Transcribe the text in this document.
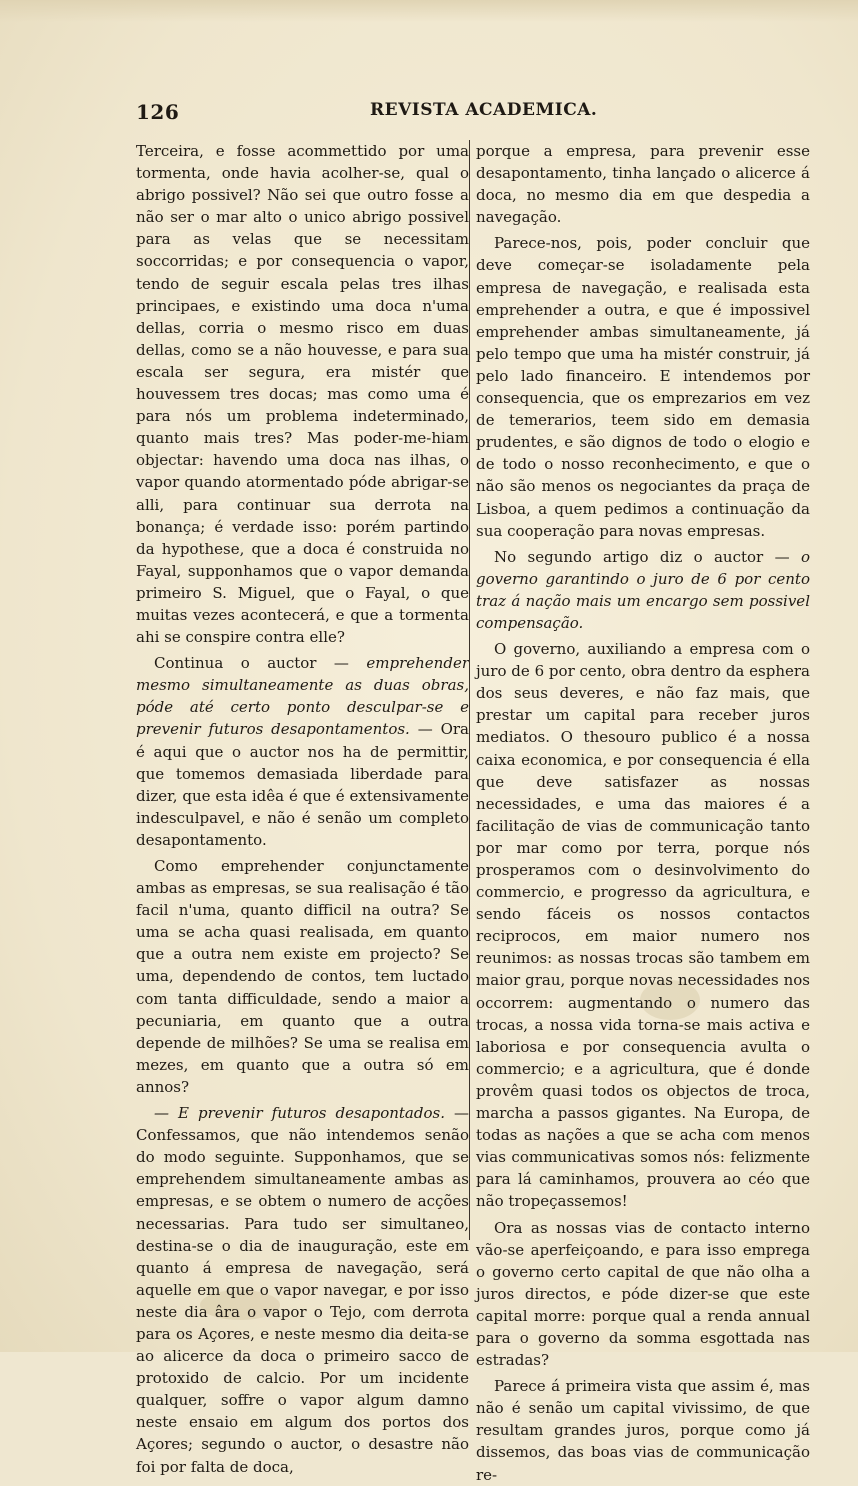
126	REVISTA ACADEMICA.

Terceira, e fosse acommettido por uma tormenta, onde havia acolher-se, qual o abrigo possivel? Não sei que outro fosse a não ser o mar alto o unico abrigo possivel para as velas que se necessitam soccorridas; e por consequencia o vapor, tendo de seguir escala pelas tres ilhas principaes, e existindo uma doca n'uma dellas, corria o mesmo risco em duas dellas, como se a não houvesse, e para sua escala ser segura, era mistér que houvessem tres docas; mas como uma é para nós um problema indeterminado, quanto mais tres? Mas poder-me-hiam objectar: havendo uma doca nas ilhas, o vapor quando atormentado póde abrigar-se alli, para continuar sua derrota na bonança; é verdade isso: porém partindo da hypothese, que a doca é construida no Fayal, supponhamos que o vapor demanda primeiro S. Miguel, que o Fayal, o que muitas vezes acontecerá, e que a tormenta ahi se conspire contra elle?

Continua o auctor — emprehender mesmo simultaneamente as duas obras, póde até certo ponto desculpar-se e prevenir futuros desapontamentos. — Ora é aqui que o auctor nos ha de permittir, que tomemos demasiada liberdade para dizer, que esta idêa é que é extensivamente indesculpavel, e não é senão um completo desapontamento.

Como emprehender conjunctamente ambas as empresas, se sua realisação é tão facil n'uma, quanto difficil na outra? Se uma se acha quasi realisada, em quanto que a outra nem existe em projecto? Se uma, dependendo de contos, tem luctado com tanta difficuldade, sendo a maior a pecuniaria, em quanto que a outra depende de milhões? Se uma se realisa em mezes, em quanto que a outra só em annos?

— E prevenir futuros desapontados. — Confessamos, que não intendemos senão do modo seguinte. Supponhamos, que se emprehendem simultaneamente ambas as empresas, e se obtem o numero de acções necessarias. Para tudo ser simultaneo, destina-se o dia de inauguração, este em quanto á empresa de navegação, será aquelle em que o vapor navegar, e por isso neste dia âra o vapor o Tejo, com derrota para os Açores, e neste mesmo dia deita-se ao alicerce da doca o primeiro sacco de protoxido de calcio. Por um incidente qualquer, soffre o vapor algum damno neste ensaio em algum dos portos dos Açores; segundo o auctor, o desastre não foi por falta de doca,

porque a empresa, para prevenir esse desapontamento, tinha lançado o alicerce á doca, no mesmo dia em que despedia a navegação.

Parece-nos, pois, poder concluir que deve começar-se isoladamente pela empresa de navegação, e realisada esta emprehender a outra, e que é impossivel emprehender ambas simultaneamente, já pelo tempo que uma ha mistér construir, já pelo lado financeiro. E intendemos por consequencia, que os emprezarios em vez de temerarios, teem sido em demasia prudentes, e são dignos de todo o elogio e de todo o nosso reconhecimento, e que o não são menos os negociantes da praça de Lisboa, a quem pedimos a continuação da sua cooperação para novas empresas.

No segundo artigo diz o auctor — o governo garantindo o juro de 6 por cento traz á nação mais um encargo sem possivel compensação.

O governo, auxiliando a empresa com o juro de 6 por cento, obra dentro da esphera dos seus deveres, e não faz mais, que prestar um capital para receber juros mediatos. O thesouro publico é a nossa caixa economica, e por consequencia é ella que deve satisfazer as nossas necessidades, e uma das maiores é a facilitação de vias de communicação tanto por mar como por terra, porque nós prosperamos com o desinvolvimento do commercio, e progresso da agricultura, e sendo fáceis os nossos contactos reciprocos, em maior numero nos reunimos: as nossas trocas são tambem em maior grau, porque novas necessidades nos occorrem: augmentando o numero das trocas, a nossa vida torna-se mais activa e laboriosa e por consequencia avulta o commercio; e a agricultura, que é donde provêm quasi todos os objectos de troca, marcha a passos gigantes. Na Europa, de todas as nações a que se acha com menos vias communicativas somos nós: felizmente para lá caminhamos, prouvera ao céo que não tropeçassemos!

Ora as nossas vias de contacto interno vão-se aperfeiçoando, e para isso emprega o governo certo capital de que não olha a juros directos, e póde dizer-se que este capital morre: porque qual a renda annual para o governo da somma esgottada nas estradas?

Parece á primeira vista que assim é, mas não é senão um capital vivissimo, de que resultam grandes juros, porque como já dissemos, das boas vias de communicação re-
